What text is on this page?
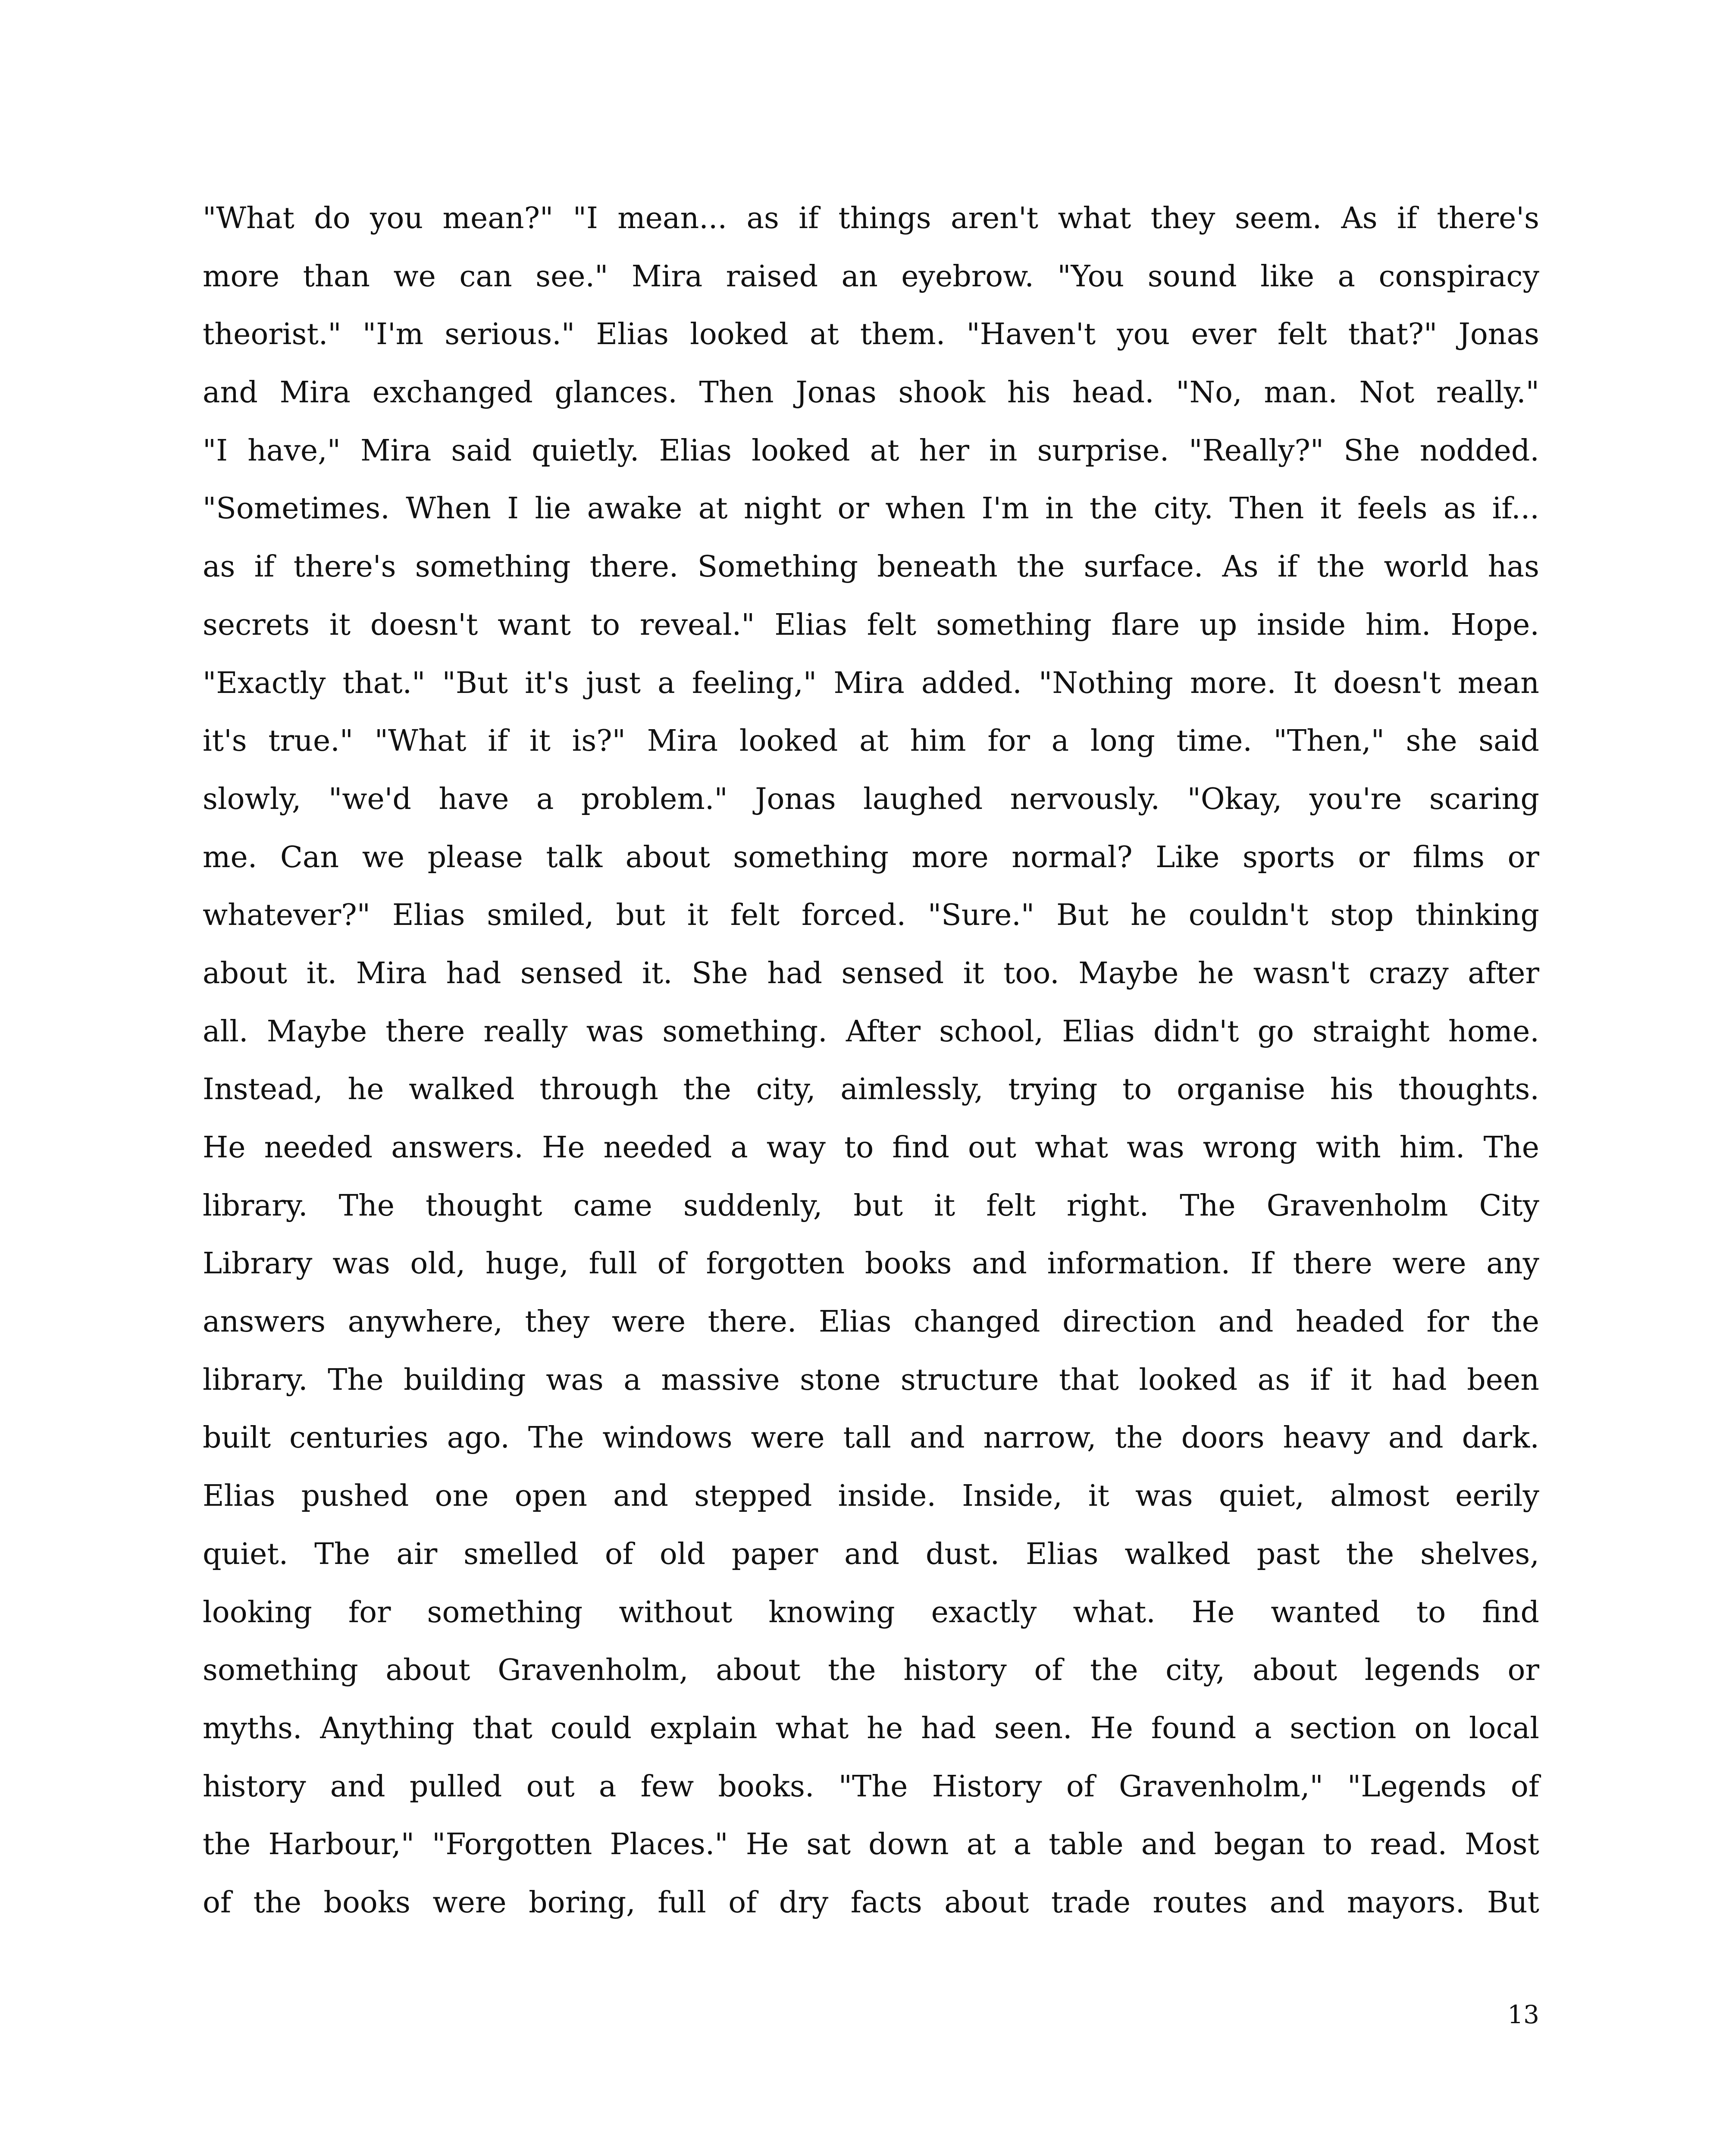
"What do you mean?" "I mean... as if things aren't what they seem. As if there's
more than we can see." Mira raised an eyebrow. "You sound like a conspiracy
theorist." "I'm serious." Elias looked at them. "Haven't you ever felt that?" Jonas
and Mira exchanged glances. Then Jonas shook his head. "No, man. Not really."
"I have," Mira said quietly. Elias looked at her in surprise. "Really?" She nodded.
"Sometimes. When I lie awake at night or when I'm in the city. Then it feels as if...
as if there's something there. Something beneath the surface. As if the world has
secrets it doesn't want to reveal." Elias felt something flare up inside him. Hope.
"Exactly that." "But it's just a feeling," Mira added. "Nothing more. It doesn't mean
it's true." "What if it is?" Mira looked at him for a long time. "Then," she said
slowly, "we'd have a problem." Jonas laughed nervously. "Okay, you're scaring
me. Can we please talk about something more normal? Like sports or films or
whatever?" Elias smiled, but it felt forced. "Sure." But he couldn't stop thinking
about it. Mira had sensed it. She had sensed it too. Maybe he wasn't crazy after
all. Maybe there really was something. After school, Elias didn't go straight home.
Instead, he walked through the city, aimlessly, trying to organise his thoughts.
He needed answers. He needed a way to find out what was wrong with him. The
library. The thought came suddenly, but it felt right. The Gravenholm City
Library was old, huge, full of forgotten books and information. If there were any
answers anywhere, they were there. Elias changed direction and headed for the
library. The building was a massive stone structure that looked as if it had been
built centuries ago. The windows were tall and narrow, the doors heavy and dark.
Elias pushed one open and stepped inside. Inside, it was quiet, almost eerily
quiet. The air smelled of old paper and dust. Elias walked past the shelves,
looking for something without knowing exactly what. He wanted to find
something about Gravenholm, about the history of the city, about legends or
myths. Anything that could explain what he had seen. He found a section on local
history and pulled out a few books. "The History of Gravenholm," "Legends of
the Harbour," "Forgotten Places." He sat down at a table and began to read. Most
of the books were boring, full of dry facts about trade routes and mayors. But
13
